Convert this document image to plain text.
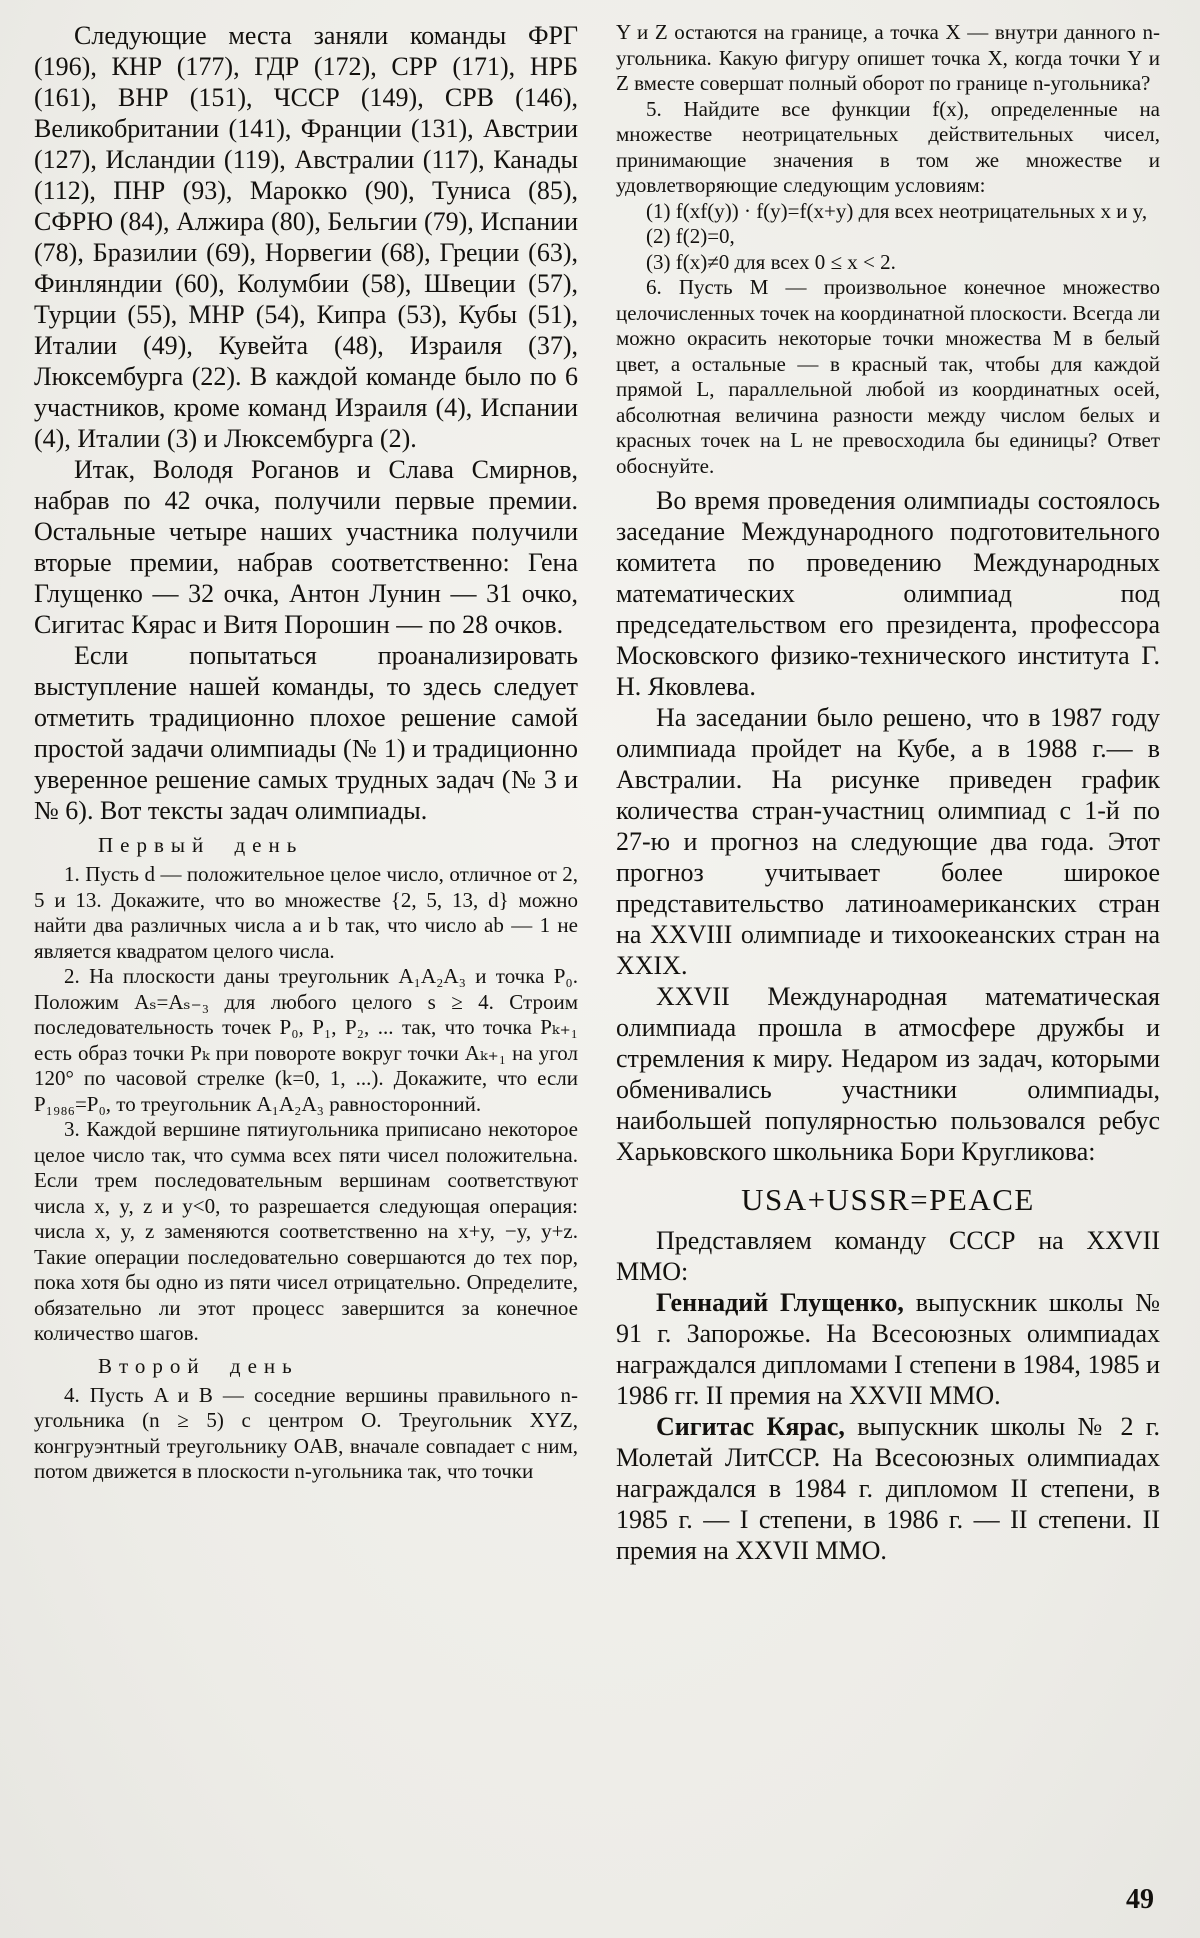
Следующие места заняли команды ФРГ (196), КНР (177), ГДР (172), СРР (171), НРБ (161), ВНР (151), ЧССР (149), СРВ (146), Великобритании (141), Франции (131), Австрии (127), Исландии (119), Австралии (117), Канады (112), ПНР (93), Марокко (90), Туниса (85), СФРЮ (84), Алжира (80), Бельгии (79), Испании (78), Бразилии (69), Норвегии (68), Греции (63), Финляндии (60), Колумбии (58), Швеции (57), Турции (55), МНР (54), Кипра (53), Кубы (51), Италии (49), Кувейта (48), Израиля (37), Люксембурга (22). В каждой команде было по 6 участников, кроме команд Израиля (4), Испании (4), Италии (3) и Люксембурга (2).

Итак, Володя Роганов и Слава Смирнов, набрав по 42 очка, получили первые премии. Остальные четыре наших участника получили вторые премии, набрав соответственно: Гена Глущенко — 32 очка, Антон Лунин — 31 очко, Сигитас Кярас и Витя Порошин — по 28 очков.

Если попытаться проанализировать выступление нашей команды, то здесь следует отметить традиционно плохое решение самой простой задачи олимпиады (№ 1) и традиционно уверенное решение самых трудных задач (№ 3 и № 6). Вот тексты задач олимпиады.

Первый день

1. Пусть d — положительное целое число, отличное от 2, 5 и 13. Докажите, что во множестве {2, 5, 13, d} можно найти два различных числа a и b так, что число ab — 1 не является квадратом целого числа.

2. На плоскости даны треугольник A₁A₂A₃ и точка P₀. Положим Aₛ=Aₛ₋₃ для любого целого s ≥ 4. Строим последовательность точек P₀, P₁, P₂, ... так, что точка Pₖ₊₁ есть образ точки Pₖ при повороте вокруг точки Aₖ₊₁ на угол 120° по часовой стрелке (k=0, 1, ...). Докажите, что если P₁₉₈₆=P₀, то треугольник A₁A₂A₃ равносторонний.

3. Каждой вершине пятиугольника приписано некоторое целое число так, что сумма всех пяти чисел положительна. Если трем последовательным вершинам соответствуют числа x, y, z и y<0, то разрешается следующая операция: числа x, y, z заменяются соответственно на x+y, −y, y+z. Такие операции последовательно совершаются до тех пор, пока хотя бы одно из пяти чисел отрицательно. Определите, обязательно ли этот процесс завершится за конечное количество шагов.

Второй день

4. Пусть A и B — соседние вершины правильного n-угольника (n ≥ 5) с центром O. Треугольник XYZ, конгруэнтный треугольнику OAB, вначале совпадает с ним, потом движется в плоскости n-угольника так, что точки

Y и Z остаются на границе, а точка X — внутри данного n-угольника. Какую фигуру опишет точка X, когда точки Y и Z вместе совершат полный оборот по границе n-угольника?

5. Найдите все функции f(x), определенные на множестве неотрицательных действительных чисел, принимающие значения в том же множестве и удовлетворяющие следующим условиям:

(1) f(xf(y)) · f(y)=f(x+y) для всех неотрицательных x и y,

(2) f(2)=0,

(3) f(x)≠0 для всех 0 ≤ x < 2.

6. Пусть M — произвольное конечное множество целочисленных точек на координатной плоскости. Всегда ли можно окрасить некоторые точки множества M в белый цвет, а остальные — в красный так, чтобы для каждой прямой L, параллельной любой из координатных осей, абсолютная величина разности между числом белых и красных точек на L не превосходила бы единицы? Ответ обоснуйте.

Во время проведения олимпиады состоялось заседание Международного подготовительного комитета по проведению Международных математических олимпиад под председательством его президента, профессора Московского физико-технического института Г. Н. Яковлева.

На заседании было решено, что в 1987 году олимпиада пройдет на Кубе, а в 1988 г.— в Австралии. На рисунке приведен график количества стран-участниц олимпиад с 1-й по 27-ю и прогноз на следующие два года. Этот прогноз учитывает более широкое представительство латиноамериканских стран на XXVIII олимпиаде и тихоокеанских стран на XXIX.

XXVII Международная математическая олимпиада прошла в атмосфере дружбы и стремления к миру. Недаром из задач, которыми обменивались участники олимпиады, наибольшей популярностью пользовался ребус Харьковского школьника Бори Кругликова:

USA+USSR=PEACE

Представляем команду СССР на XXVII ММО:

Геннадий Глущенко, выпускник школы № 91 г. Запорожье. На Всесоюзных олимпиадах награждался дипломами I степени в 1984, 1985 и 1986 гг. II премия на XXVII ММО.

Сигитас Кярас, выпускник школы № 2 г. Молетай ЛитССР. На Всесоюзных олимпиадах награждался в 1984 г. дипломом II степени, в 1985 г. — I степени, в 1986 г. — II степени. II премия на XXVII ММО.

49
